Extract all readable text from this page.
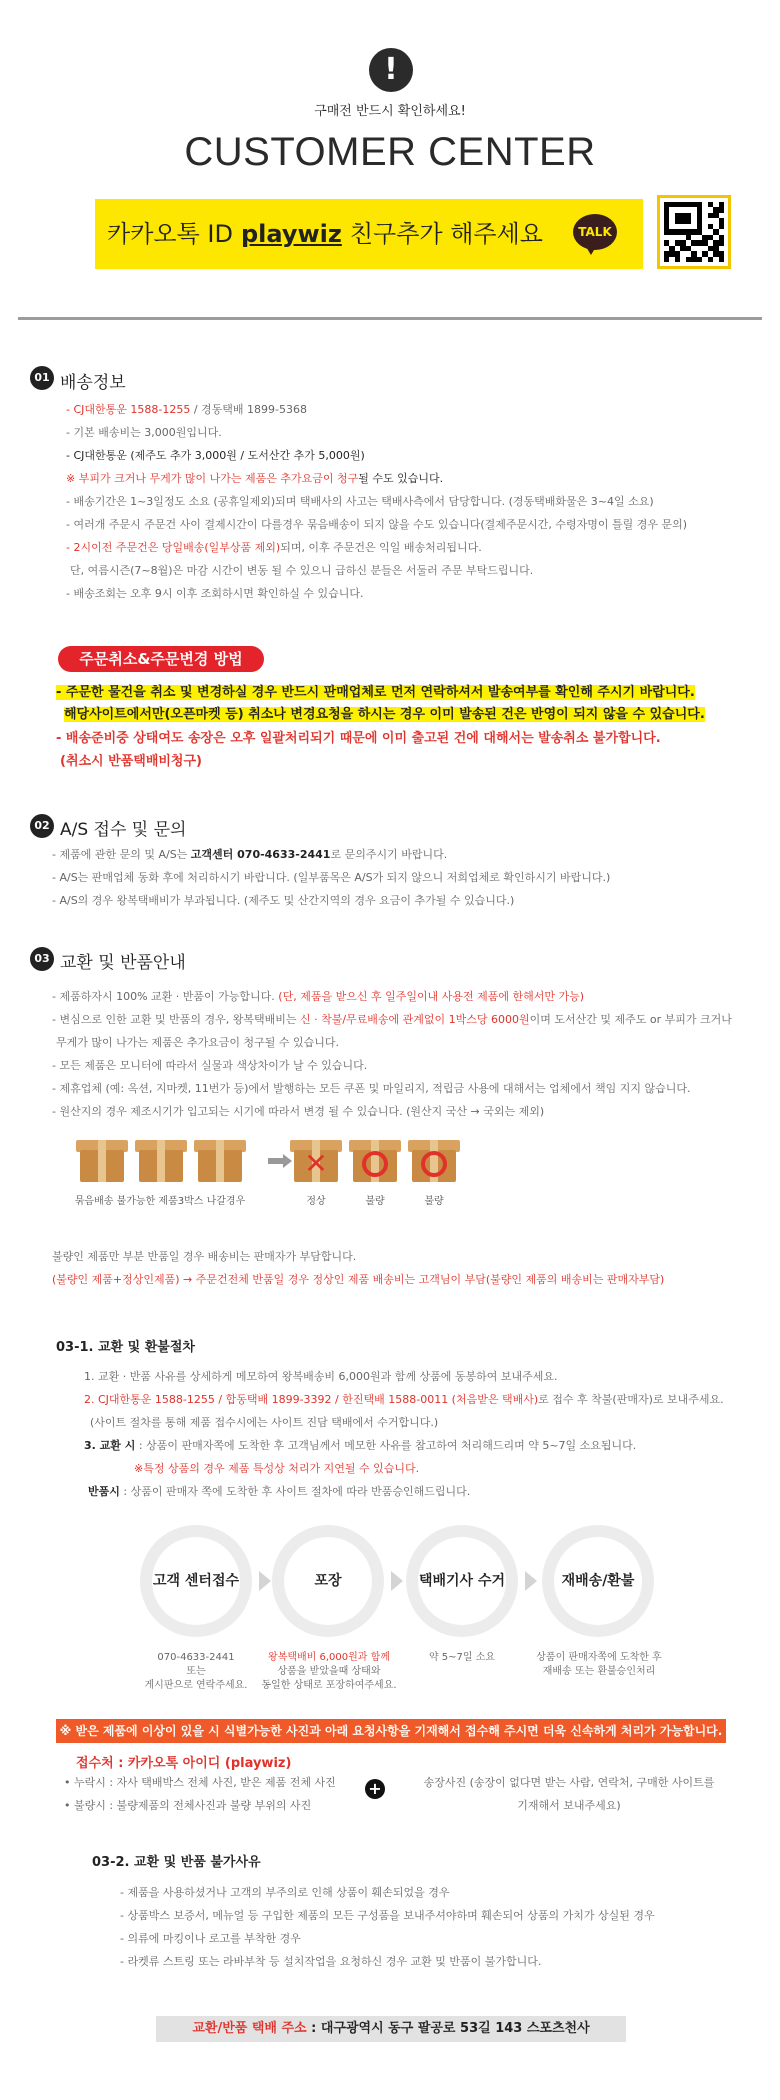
!
구매전 반드시 확인하세요!
CUSTOMER CENTER
카카오톡 ID playwiz 친구추가 해주세요	TALK
01 배송정보
- CJ대한통운 1588-1255 / 경동택배 1899-5368
- 기본 배송비는 3,000원입니다.
- CJ대한통운 (제주도 추가 3,000원 / 도서산간 추가 5,000원)
※ 부피가 크거나 무게가 많이 나가는 제품은 추가요금이 청구될 수도 있습니다.
- 배송기간은 1~3일정도 소요 (공휴일제외)되며 택배사의 사고는 택배사측에서 담당합니다. (경동택배화물은 3~4일 소요)
- 여러개 주문시 주문건 사이 결제시간이 다를경우 묶음배송이 되지 않을 수도 있습니다(결제주문시간, 수령자명이 틀릴 경우 문의)
- 2시이전 주문건은 당일배송(일부상품 제외)되며, 이후 주문건은 익일 배송처리됩니다.
단, 여름시즌(7~8월)은 마감 시간이 변동 될 수 있으니 급하신 분들은 서둘러 주문 부탁드립니다.
- 배송조회는 오후 9시 이후 조회하시면 확인하실 수 있습니다.
주문취소&주문변경 방법
- 주문한 물건을 취소 및 변경하실 경우 반드시 판매업체로 먼저 연락하셔서 발송여부를 확인해 주시기 바랍니다.
해당사이트에서만(오픈마켓 등) 취소나 변경요청을 하시는 경우 이미 발송된 건은 반영이 되지 않을 수 있습니다.
- 배송준비중 상태여도 송장은 오후 일괄처리되기 때문에 이미 출고된 건에 대해서는 발송취소 불가합니다.
(취소시 반품택배비청구)
02 A/S 접수 및 문의
- 제품에 관한 문의 및 A/S는 고객센터 070-4633-2441로 문의주시기 바랍니다.
- A/S는 판매업체 동화 후에 처리하시기 바랍니다. (일부품목은 A/S가 되지 않으니 저희업체로 확인하시기 바랍니다.)
- A/S의 경우 왕복택배비가 부과됩니다. (제주도 및 산간지역의 경우 요금이 추가될 수 있습니다.)
03 교환 및 반품안내
- 제품하자시 100% 교환 · 반품이 가능합니다. (단, 제품을 받으신 후 일주일이내 사용전 제품에 한해서만 가능)
- 변심으로 인한 교환 및 반품의 경우, 왕복택배비는 신 · 착불/무료배송에 관계없이 1박스당 6000원이며 도서산간 및 제주도 or 부피가 크거나
무게가 많이 나가는 제품은 추가요금이 청구될 수 있습니다.
- 모든 제품은 모니터에 따라서 실물과 색상차이가 날 수 있습니다.
- 제휴업체 (예: 옥션, 지마켓, 11번가 등)에서 발행하는 모든 쿠폰 및 마일리지, 적립금 사용에 대해서는 업체에서 책임 지지 않습니다.
- 원산지의 경우 제조시기가 입고되는 시기에 따라서 변경 될 수 있습니다. (원산지 국산 → 국외는 제외)
묶음배송 불가능한 제품3박스 나갈경우
✕
정상	불량	불량
불량인 제품만 부분 반품일 경우 배송비는 판매자가 부담합니다.
(불량인 제품+정상인제품) → 주문건전체 반품일 경우 정상인 제품 배송비는 고객님이 부담(불량인 제품의 배송비는 판매자부담)
03-1. 교환 및 환불절차
1. 교환 · 반품 사유를 상세하게 메모하여 왕복배송비 6,000원과 함께 상품에 동봉하여 보내주세요.
2. CJ대한통운 1588-1255 / 합동택배 1899-3392 / 한진택배 1588-0011 (처음받은 택배사)로 접수 후 착불(판매자)로 보내주세요.
(사이트 절차를 통해 제품 접수시에는 사이트 진담 택배에서 수거합니다.)
3. 교환 시 : 상품이 판매자쪽에 도착한 후 고객님께서 메모한 사유를 참고하여 처리해드리며 약 5~7일 소요됩니다.
※특정 상품의 경우 제품 특성상 처리가 지연될 수 있습니다.
반품시 : 상품이 판매자 쪽에 도착한 후 사이트 절차에 따라 반품승인해드립니다.
고객 센터접수	포장	택배기사 수거	재배송/환불
070-4633-2441
또는
게시판으로 연락주세요.
왕복택배비 6,000원과 함께
상품을 받았을때 상태와
동일한 상태로 포장하여주세요.
약 5~7일 소요	상품이 판매자쪽에 도착한 후
재배송 또는 환불승인처리
※ 받은 제품에 이상이 있을 시 식별가능한 사진과 아래 요청사항을 기재해서 접수해 주시면 더욱 신속하게 처리가 가능합니다.
접수처 : 카카오톡 아이디 (playwiz)
• 누락시 : 자사 택배박스 전체 사진, 받은 제품 전체 사진
• 불량시 : 불량제품의 전체사진과 불량 부위의 사진
+	송장사진 (송장이 없다면 받는 사람, 연락처, 구매한 사이트를
기재해서 보내주세요)
03-2. 교환 및 반품 불가사유
- 제품을 사용하셨거나 고객의 부주의로 인해 상품이 훼손되었을 경우
- 상품박스 보증서, 메뉴얼 등 구입한 제품의 모든 구성품을 보내주셔야하며 훼손되어 상품의 가치가 상실된 경우
- 의류에 마킹이나 로고를 부착한 경우
- 라켓류 스트링 또는 라바부착 등 설치작업을 요청하신 경우 교환 및 반품이 불가합니다.
교환/반품 택배 주소 : 대구광역시 동구 팔공로 53길 143 스포츠천사
